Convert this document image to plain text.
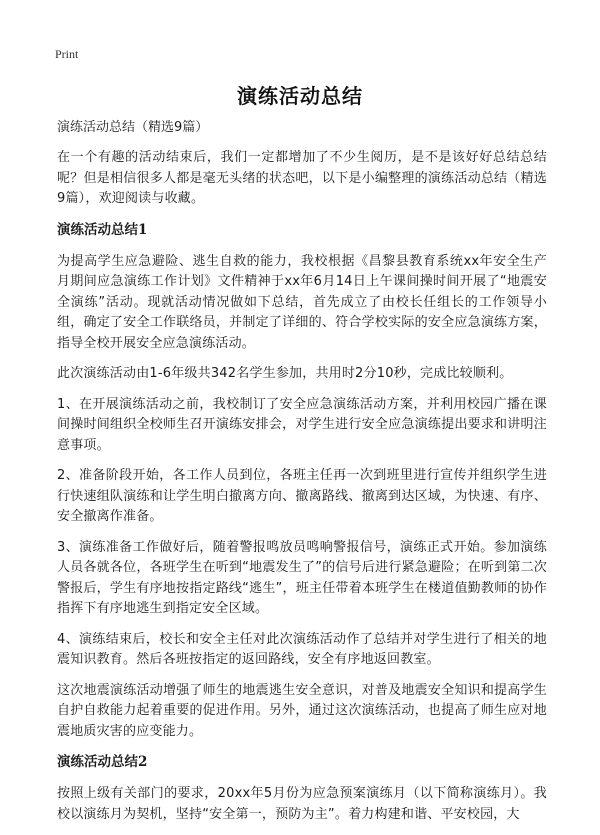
Print
演练活动总结

演练活动总结（精选9篇）

在一个有趣的活动结束后，我们一定都增加了不少生阅历，是不是该好好总结总结呢？但是相信很多人都是毫无头绪的状态吧，以下是小编整理的演练活动总结（精选9篇），欢迎阅读与收藏。

演练活动总结1

为提高学生应急避险、逃生自救的能力，我校根据《昌黎县教育系统xx年安全生产月期间应急演练工作计划》文件精神于xx年6月14日上午课间操时间开展了“地震安全演练”活动。现就活动情况做如下总结，首先成立了由校长任组长的工作领导小组，确定了安全工作联络员，并制定了详细的、符合学校实际的安全应急演练方案，指导全校开展安全应急演练活动。

此次演练活动由1-6年级共342名学生参加，共用时2分10秒，完成比较顺利。

1、在开展演练活动之前，我校制订了安全应急演练活动方案，并利用校园广播在课间操时间组织全校师生召开演练安排会，对学生进行安全应急演练提出要求和讲明注意事项。

2、准备阶段开始，各工作人员到位，各班主任再一次到班里进行宣传并组织学生进行快速组队演练和让学生明白撤离方向、撤离路线、撤离到达区域，为快速、有序、安全撤离作准备。

3、演练准备工作做好后，随着警报鸣放员鸣响警报信号，演练正式开始。参加演练人员各就各位，各班学生在听到“地震发生了”的信号后进行紧急避险；在听到第二次警报后，学生有序地按指定路线“逃生”，班主任带着本班学生在楼道值勤教师的协作指挥下有序地逃生到指定安全区域。

4、演练结束后，校长和安全主任对此次演练活动作了总结并对学生进行了相关的地震知识教育。然后各班按指定的返回路线，安全有序地返回教室。

这次地震演练活动增强了师生的地震逃生安全意识，对普及地震安全知识和提高学生自护自救能力起着重要的促进作用。另外，通过这次演练活动，也提高了师生应对地震地质灾害的应变能力。

演练活动总结2

按照上级有关部门的要求，20xx年5月份为应急预案演练月（以下简称演练月）。我校以演练月为契机，坚持“安全第一，预防为主”。着力构建和谐、平安校园，大
